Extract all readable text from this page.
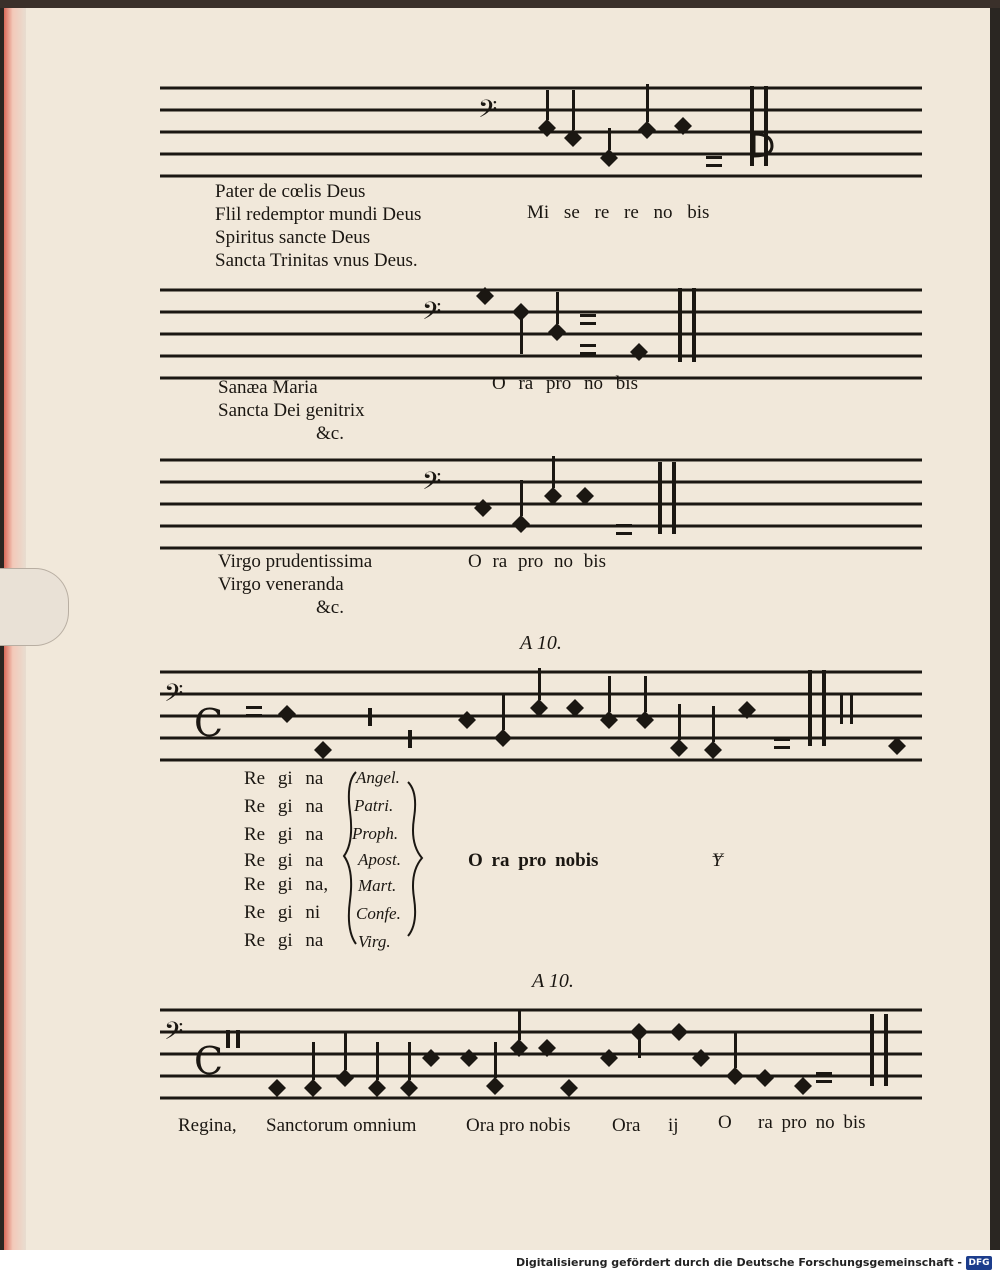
𝄢
Pater de cœlis Deus
Flil redemptor mundi Deus
Spiritus sancte Deus
Sancta Trinitas vnus Deus.
Mi se re re no bis
𝄢
Sanæa Maria
Sancta Dei genitrix
&c.
O ra pro no bis
𝄢
Virgo prudentissima
Virgo veneranda
&c.
O ra pro no bis
A 10.
𝄢
C
Re gi na Angel.
Re gi na Patri.
Re gi na Proph.
Re gi na Apost.
Re gi na, Mart.
Re gi ni Confe.
Re gi na Virg.
O ra pro nobis	Ɏ
A 10.
𝄢
C
Regina, Sanctorum omnium	Ora pro nobis Ora ij O ra pro no bis
Digitalisierung gefördert durch die Deutsche Forschungsgemeinschaft - DFG
